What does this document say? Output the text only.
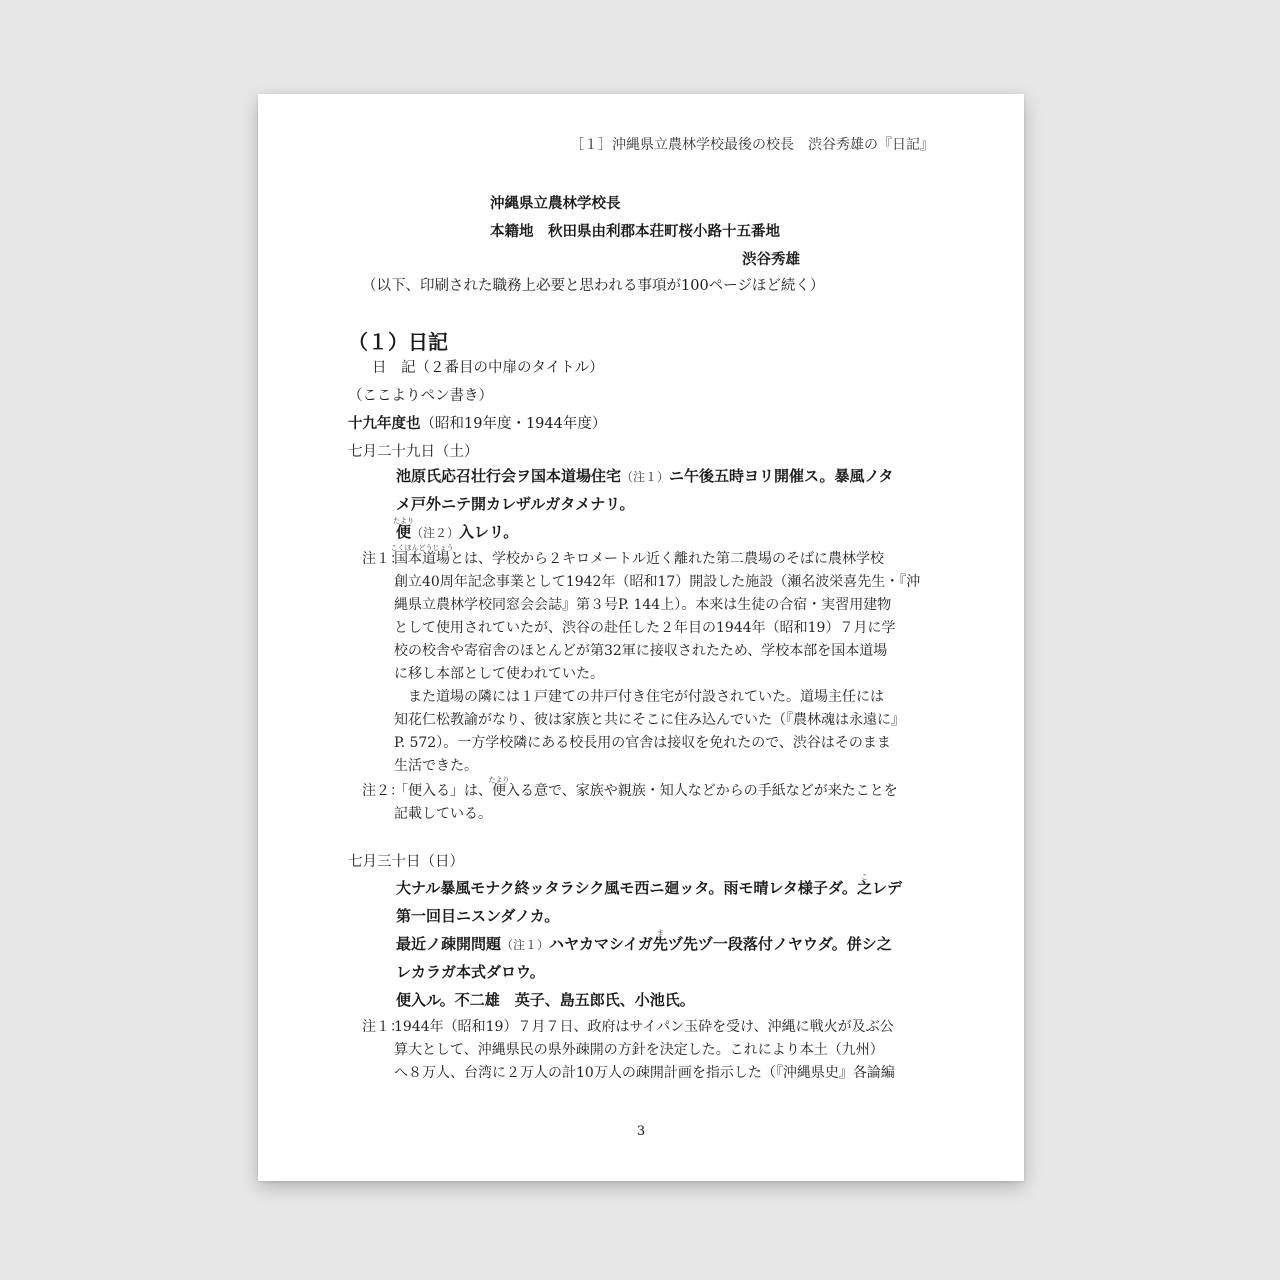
［１］沖縄県立農林学校最後の校長　渋谷秀雄の『日記』
沖縄県立農林学校長
本籍地　秋田県由利郡本荘町桜小路十五番地
渋谷秀雄
（以下、印刷された職務上必要と思われる事項が100ページほど続く）
（１）日記
日　記（２番目の中扉のタイトル）
（ここよりペン書き）
十九年度也（昭和19年度・1944年度）
七月二十九日（土）
池原氏応召壮行会ヲ国本道場住宅（注１）ニ午後五時ヨリ開催ス。暴風ノタ
メ戸外ニテ開カレザルガタメナリ。
便
たより
（注２）入レリ。
注１：
国本道場
こくほんどうじょう
とは、学校から２キロメートル近く離れた第二農場のそばに農林学校
創立40周年記念事業として1942年（昭和17）開設した施設（瀬名波栄喜先生・『沖
縄県立農林学校同窓会会誌』第３号P. 144上）。本来は生徒の合宿・実習用建物
として使用されていたが、渋谷の赴任した２年目の1944年（昭和19）７月に学
校の校舎や寄宿舎のほとんどが第32軍に接収されたため、学校本部を国本道場
に移し本部として使われていた。
　また道場の隣には１戸建ての井戸付き住宅が付設されていた。道場主任には
知花仁松教諭がなり、彼は家族と共にそこに住み込んでいた（『農林魂は永遠に』
P. 572）。一方学校隣にある校長用の官舎は接収を免れたので、渋谷はそのまま
生活できた。
注２：
「便入る」は、便
たより
入る意で、家族や親族・知人などからの手紙などが来たことを
記載している。
七月三十日（日）
大ナル暴風モナク終ッタラシク風モ西ニ廻ッタ。雨モ晴レタ様子ダ。之
こ
レデ
第一回目ニスンダノカ。
最近ノ疎開問題（注１）ハヤカマシイガ先
ま
ヅ先ヅ一段落付ノヤウダ。併シ之
レカラガ本式ダロウ。
便入ル。不二雄　英子、島五郎氏、小池氏。
注１：
1944年（昭和19）７月７日、政府はサイパン玉砕を受け、沖縄に戦火が及ぶ公
算大として、沖縄県民の県外疎開の方針を決定した。これにより本土（九州）
へ８万人、台湾に２万人の計10万人の疎開計画を指示した（『沖縄県史』各論編
3
